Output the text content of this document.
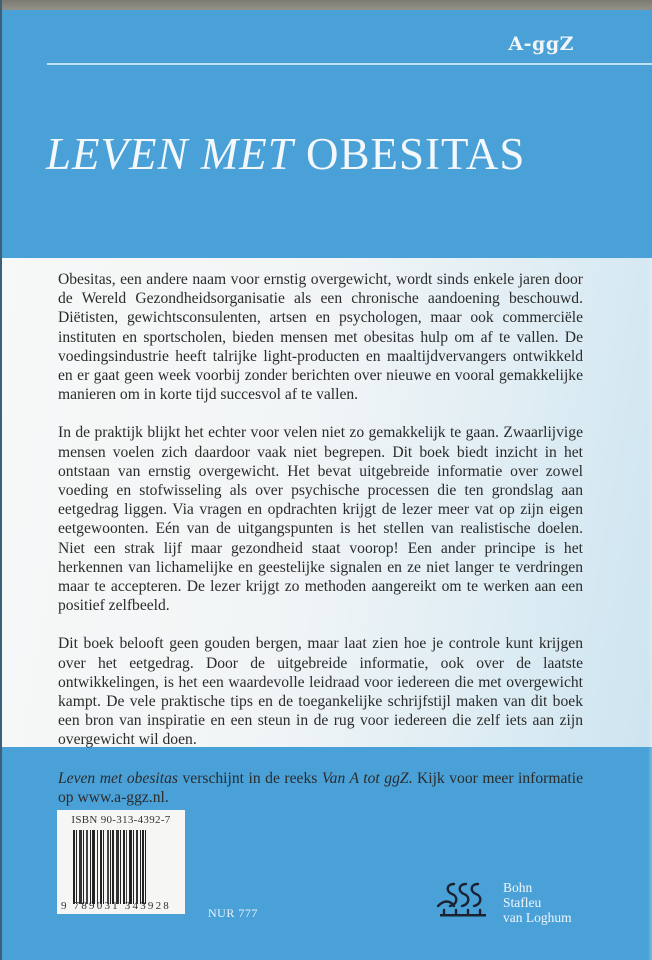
A-ggZ
LEVEN MET OBESITAS

Obesitas, een andere naam voor ernstig overgewicht, wordt sinds enkele jaren door de Wereld Gezondheidsorganisatie als een chronische aandoening beschouwd. Diëtisten, gewichtsconsulenten, artsen en psychologen, maar ook commerciële instituten en sportscholen, bieden mensen met obesitas hulp om af te vallen. De voedingsindustrie heeft talrijke light-producten en maaltijdvervangers ontwikkeld en er gaat geen week voorbij zonder berichten over nieuwe en vooral gemakkelijke manieren om in korte tijd succesvol af te vallen.

In de praktijk blijkt het echter voor velen niet zo gemakkelijk te gaan. Zwaarlijvige mensen voelen zich daardoor vaak niet begrepen. Dit boek biedt inzicht in het ontstaan van ernstig overgewicht. Het bevat uitgebreide informatie over zowel voeding en stofwisseling als over psychische processen die ten grondslag aan eetgedrag liggen. Via vragen en opdrachten krijgt de lezer meer vat op zijn eigen eetgewoonten. Eén van de uitgangspunten is het stellen van realistische doelen. Niet een strak lijf maar gezondheid staat voorop! Een ander principe is het herkennen van lichamelijke en geestelijke signalen en ze niet langer te verdringen maar te accepteren. De lezer krijgt zo methoden aangereikt om te werken aan een positief zelfbeeld.

Dit boek belooft geen gouden bergen, maar laat zien hoe je controle kunt krijgen over het eetgedrag. Door de uitgebreide informatie, ook over de laatste ontwikkelingen, is het een waardevolle leidraad voor iedereen die met overgewicht kampt. De vele praktische tips en de toegankelijke schrijfstijl maken van dit boek een bron van inspiratie en een steun in de rug voor iedereen die zelf iets aan zijn overgewicht wil doen.

Leven met obesitas verschijnt in de reeks Van A tot ggZ. Kijk voor meer informatie op www.a-ggz.nl.

ISBN 90-313-4392-7
9 789031 343928	NUR 777
Bohn
Stafleu
van Loghum
